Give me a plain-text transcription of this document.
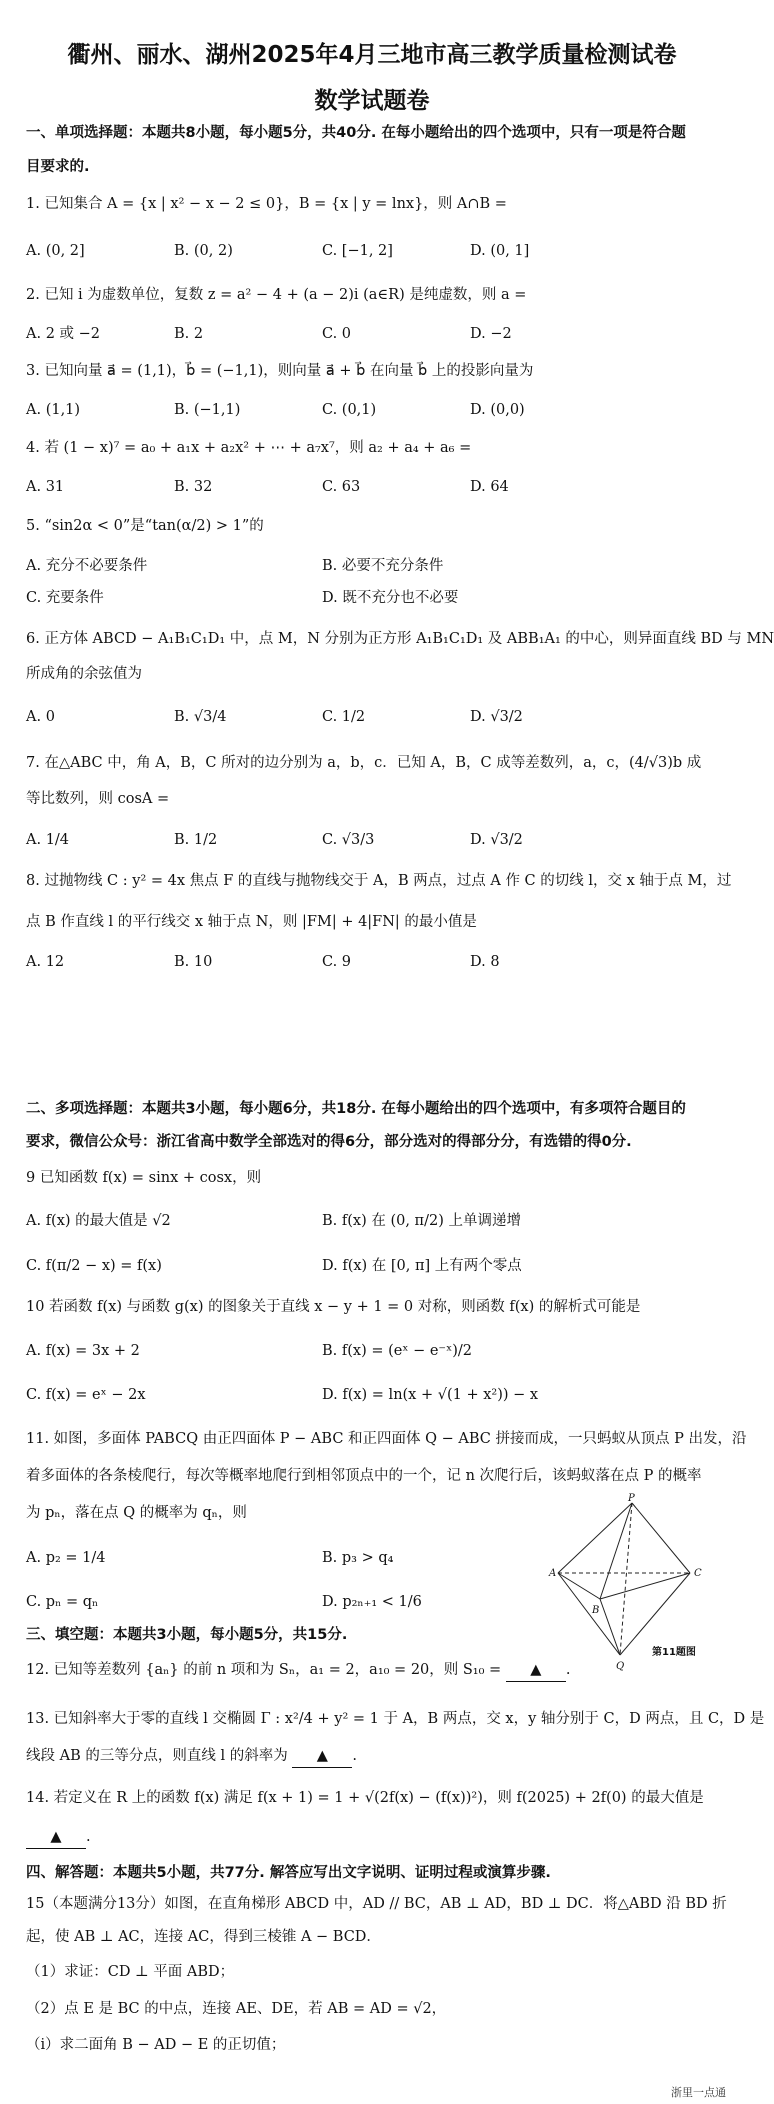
衢州、丽水、湖州2025年4月三地市高三教学质量检测试卷
数学试题卷
一、单项选择题：本题共8小题，每小题5分，共40分. 在每小题给出的四个选项中，只有一项是符合题
目要求的.
1. 已知集合 A = {x | x² − x − 2 ≤ 0}，B = {x | y = lnx}，则 A∩B =
A. (0, 2]	B. (0, 2)	C. [−1, 2]	D. (0, 1]
2. 已知 i 为虚数单位，复数 z = a² − 4 + (a − 2)i (a∈R) 是纯虚数，则 a =
A. 2 或 −2	B. 2	C. 0	D. −2
3. 已知向量 a⃗ = (1,1)，b⃗ = (−1,1)，则向量 a⃗ + b⃗ 在向量 b⃗ 上的投影向量为
A. (1,1)	B. (−1,1)	C. (0,1)	D. (0,0)
4. 若 (1 − x)⁷ = a₀ + a₁x + a₂x² + ⋯ + a₇x⁷，则 a₂ + a₄ + a₆ =
A. 31	B. 32	C. 63	D. 64
5. “sin2α < 0”是“tan(α/2) > 1”的
A. 充分不必要条件	B. 必要不充分条件
C. 充要条件	D. 既不充分也不必要
6. 正方体 ABCD − A₁B₁C₁D₁ 中，点 M，N 分别为正方形 A₁B₁C₁D₁ 及 ABB₁A₁ 的中心，则异面直线 BD 与 MN
所成角的余弦值为
A. 0	B. √3/4	C. 1/2	D. √3/2
7. 在△ABC 中，角 A，B，C 所对的边分别为 a，b，c．已知 A，B，C 成等差数列，a，c，(4/√3)b 成
等比数列，则 cosA =
A. 1/4	B. 1/2	C. √3/3	D. √3/2
8. 过抛物线 C : y² = 4x 焦点 F 的直线与抛物线交于 A，B 两点，过点 A 作 C 的切线 l，交 x 轴于点 M，过
点 B 作直线 l 的平行线交 x 轴于点 N，则 |FM| + 4|FN| 的最小值是
A. 12	B. 10	C. 9	D. 8
二、多项选择题：本题共3小题，每小题6分，共18分. 在每小题给出的四个选项中，有多项符合题目的
要求，微信公众号：浙江省高中数学全部选对的得6分，部分选对的得部分分，有选错的得0分.
9 已知函数 f(x) = sinx + cosx，则
A. f(x) 的最大值是 √2	B. f(x) 在 (0, π/2) 上单调递增
C. f(π/2 − x) = f(x)	D. f(x) 在 [0, π] 上有两个零点
10 若函数 f(x) 与函数 g(x) 的图象关于直线 x − y + 1 = 0 对称，则函数 f(x) 的解析式可能是
A. f(x) = 3x + 2	B. f(x) = (eˣ − e⁻ˣ)/2
C. f(x) = eˣ − 2x	D. f(x) = ln(x + √(1 + x²)) − x
11. 如图，多面体 PABCQ 由正四面体 P − ABC 和正四面体 Q − ABC 拼接而成，一只蚂蚁从顶点 P 出发，沿
着多面体的各条棱爬行，每次等概率地爬行到相邻顶点中的一个，记 n 次爬行后，该蚂蚁落在点 P 的概率
为 pₙ，落在点 Q 的概率为 qₙ，则
A. p₂ = 1/4	B. p₃ > q₄
C. pₙ = qₙ	D. p₂ₙ₊₁ < 1/6
P
A
B
C
Q
第11题图
三、填空题：本题共3小题，每小题5分，共15分.
12. 已知等差数列 {aₙ} 的前 n 项和为 Sₙ，a₁ = 2，a₁₀ = 20，则 S₁₀ = ▲ .
13. 已知斜率大于零的直线 l 交椭圆 Γ : x²/4 + y² = 1 于 A，B 两点，交 x，y 轴分别于 C，D 两点，且 C，D 是
线段 AB 的三等分点，则直线 l 的斜率为 ▲ .
14. 若定义在 R 上的函数 f(x) 满足 f(x + 1) = 1 + √(2f(x) − (f(x))²)，则 f(2025) + 2f(0) 的最大值是
▲ .
四、解答题：本题共5小题，共77分. 解答应写出文字说明、证明过程或演算步骤.
15（本题满分13分）如图，在直角梯形 ABCD 中，AD // BC，AB ⊥ AD，BD ⊥ DC．将△ABD 沿 BD 折
起，使 AB ⊥ AC，连接 AC，得到三棱锥 A − BCD．
（1）求证：CD ⊥ 平面 ABD；
（2）点 E 是 BC 的中点，连接 AE、DE，若 AB = AD = √2，
（i）求二面角 B − AD − E 的正切值；
浙里一点通
